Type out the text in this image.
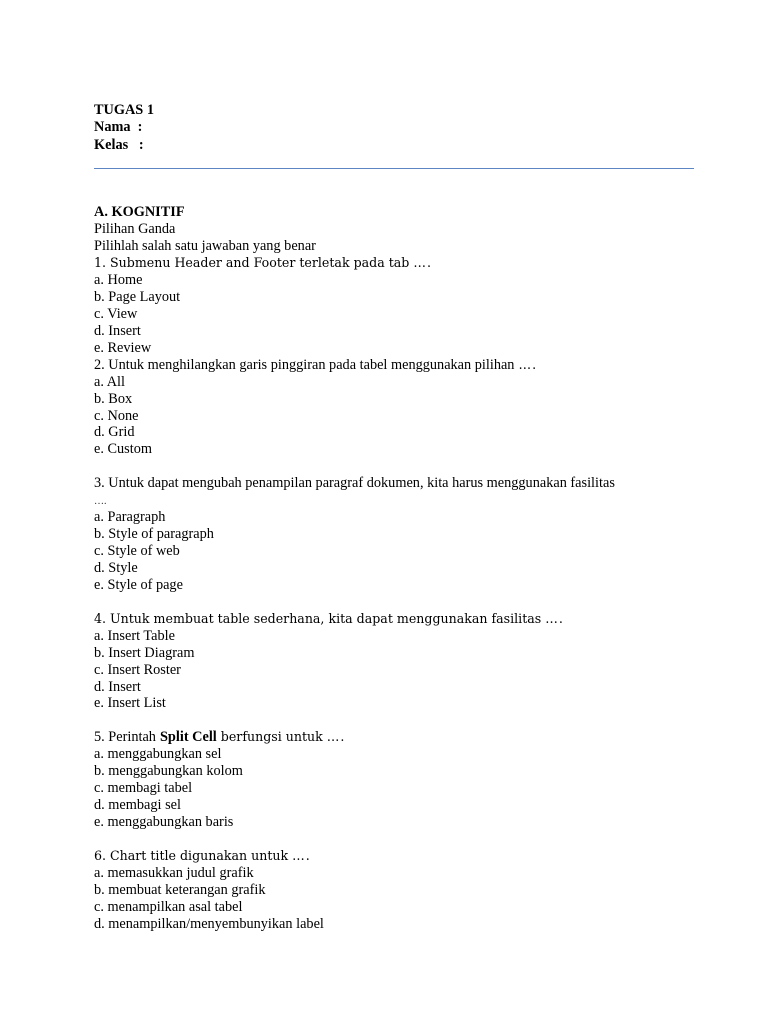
TUGAS 1
Nama  :
Kelas   :
A. KOGNITIF
Pilihan Ganda
Pilihlah salah satu jawaban yang benar
1. Submenu Header and Footer terletak pada tab ….
a. Home
b. Page Layout
c. View
d. Insert
e. Review
2. Untuk menghilangkan garis pinggiran pada tabel menggunakan pilihan ….
a. All
b. Box
c. None
d. Grid
e. Custom
3. Untuk dapat mengubah penampilan paragraf dokumen, kita harus menggunakan fasilitas
….
a. Paragraph
b. Style of paragraph
c. Style of web
d. Style
e. Style of page
4. Untuk membuat table sederhana, kita dapat menggunakan fasilitas ….
a. Insert Table
b. Insert Diagram
c. Insert Roster
d. Insert
e. Insert List
5. Perintah Split Cell berfungsi untuk ….
a. menggabungkan sel
b. menggabungkan kolom
c. membagi tabel
d. membagi sel
e. menggabungkan baris
6. Chart title digunakan untuk ….
a. memasukkan judul grafik
b. membuat keterangan grafik
c. menampilkan asal tabel
d. menampilkan/menyembunyikan label
